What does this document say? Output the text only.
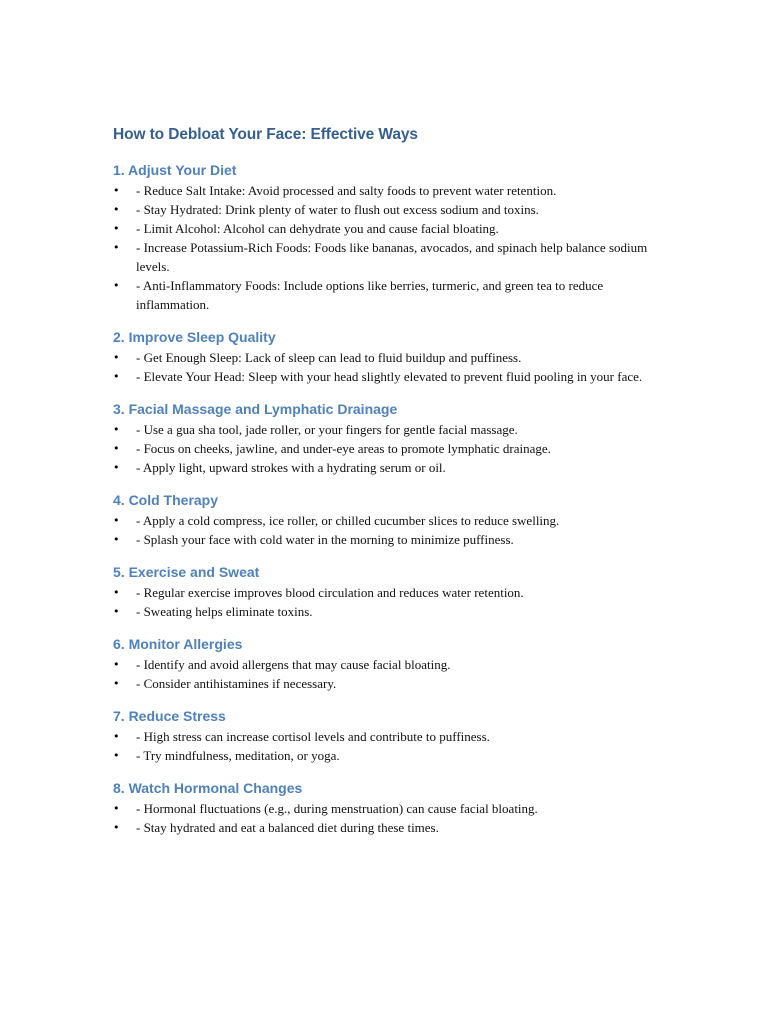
How to Debloat Your Face: Effective Ways
1. Adjust Your Diet
• - Reduce Salt Intake: Avoid processed and salty foods to prevent water retention.
• - Stay Hydrated: Drink plenty of water to flush out excess sodium and toxins.
• - Limit Alcohol: Alcohol can dehydrate you and cause facial bloating.
• - Increase Potassium-Rich Foods: Foods like bananas, avocados, and spinach help balance sodium levels.
• - Anti-Inflammatory Foods: Include options like berries, turmeric, and green tea to reduce inflammation.
2. Improve Sleep Quality
• - Get Enough Sleep: Lack of sleep can lead to fluid buildup and puffiness.
• - Elevate Your Head: Sleep with your head slightly elevated to prevent fluid pooling in your face.
3. Facial Massage and Lymphatic Drainage
• - Use a gua sha tool, jade roller, or your fingers for gentle facial massage.
• - Focus on cheeks, jawline, and under-eye areas to promote lymphatic drainage.
• - Apply light, upward strokes with a hydrating serum or oil.
4. Cold Therapy
• - Apply a cold compress, ice roller, or chilled cucumber slices to reduce swelling.
• - Splash your face with cold water in the morning to minimize puffiness.
5. Exercise and Sweat
• - Regular exercise improves blood circulation and reduces water retention.
• - Sweating helps eliminate toxins.
6. Monitor Allergies
• - Identify and avoid allergens that may cause facial bloating.
• - Consider antihistamines if necessary.
7. Reduce Stress
• - High stress can increase cortisol levels and contribute to puffiness.
• - Try mindfulness, meditation, or yoga.
8. Watch Hormonal Changes
• - Hormonal fluctuations (e.g., during menstruation) can cause facial bloating.
• - Stay hydrated and eat a balanced diet during these times.
